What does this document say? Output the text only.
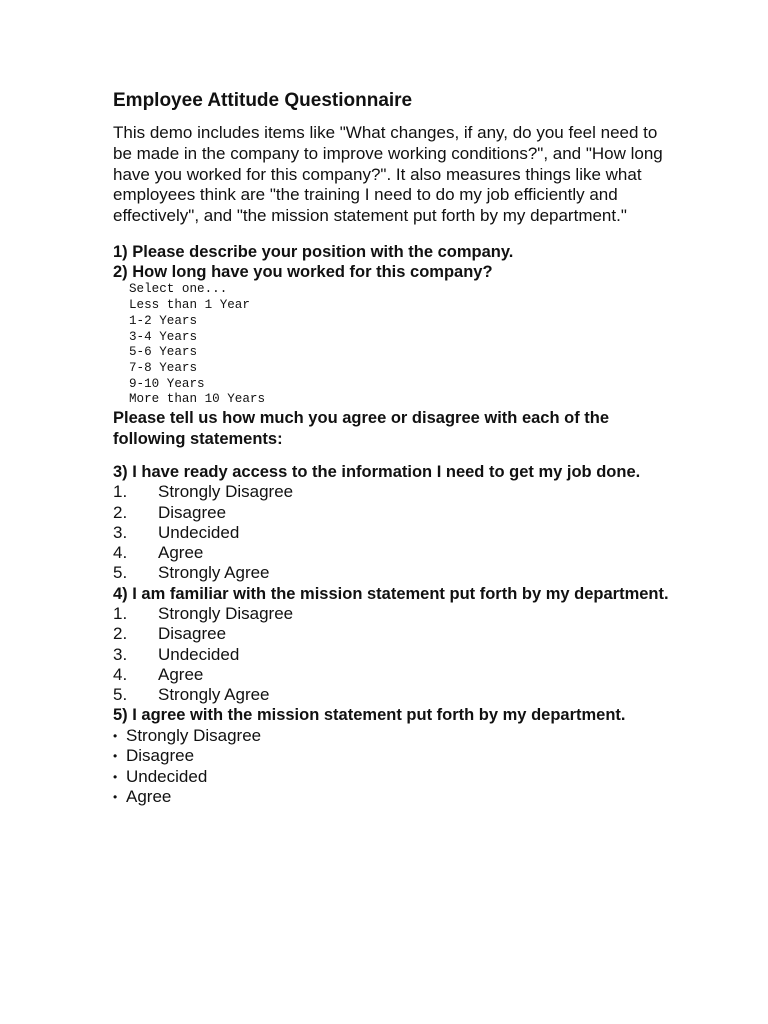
Employee Attitude Questionnaire

This demo includes items like "What changes, if any, do you feel need to be made in the company to improve working conditions?", and "How long have you worked for this company?". It also measures things like what employees think are "the training I need to do my job efficiently and effectively", and "the mission statement put forth by my department."

1) Please describe your position with the company.

2) How long have you worked for this company?

Select one...
Less than 1 Year
1-2 Years
3-4 Years
5-6 Years
7-8 Years
9-10 Years
More than 10 Years

Please tell us how much you agree or disagree with each of the following statements:

3) I have ready access to the information I need to get my job done.

1.	Strongly Disagree
2.	Disagree
3.	Undecided
4.	Agree
5.	Strongly Agree

4) I am familiar with the mission statement put forth by my department.

1.	Strongly Disagree
2.	Disagree
3.	Undecided
4.	Agree
5.	Strongly Agree

5) I agree with the mission statement put forth by my department.

• Strongly Disagree
• Disagree
• Undecided
• Agree
